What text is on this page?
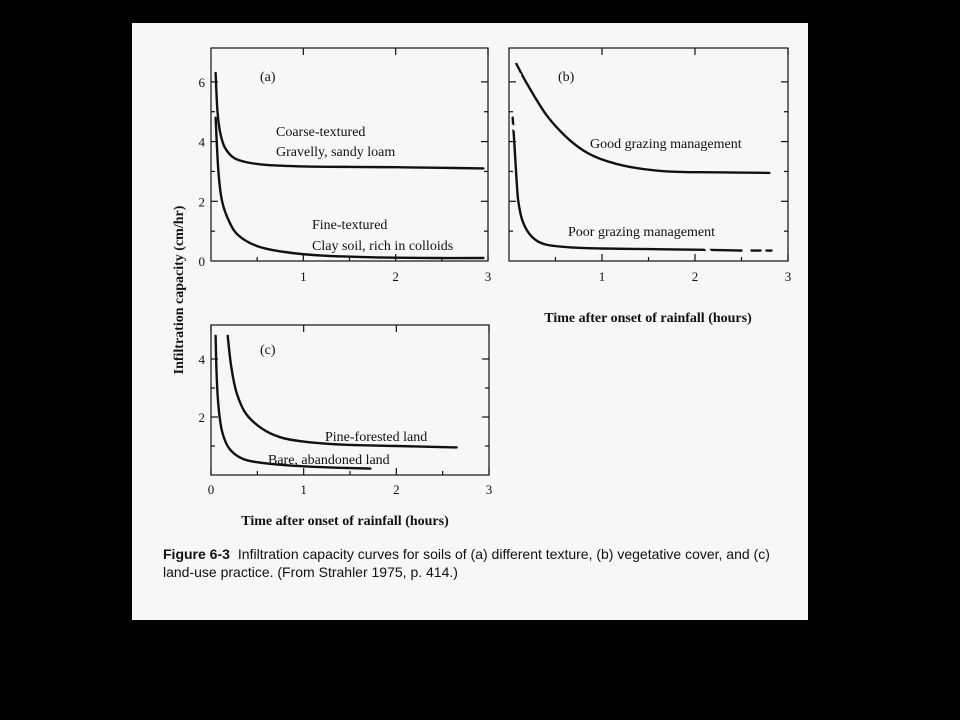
Infiltration capacity (cm/hr)
(a)
1	2	3
0
2
4
6
Coarse-textured
Gravelly, sandy loam
Fine-textured
Clay soil, rich in colloids
(b)
1	2	3
Time after onset of rainfall (hours)
Good grazing management
Poor grazing management
(c)
0	1	2	3
2
4
Time after onset of rainfall (hours)
Pine-forested land
Bare, abandoned land
Figure 6-3 Infiltration capacity curves for soils of (a) different texture, (b) vegetative cover, and (c) land-use practice. (From Strahler 1975, p. 414.)
